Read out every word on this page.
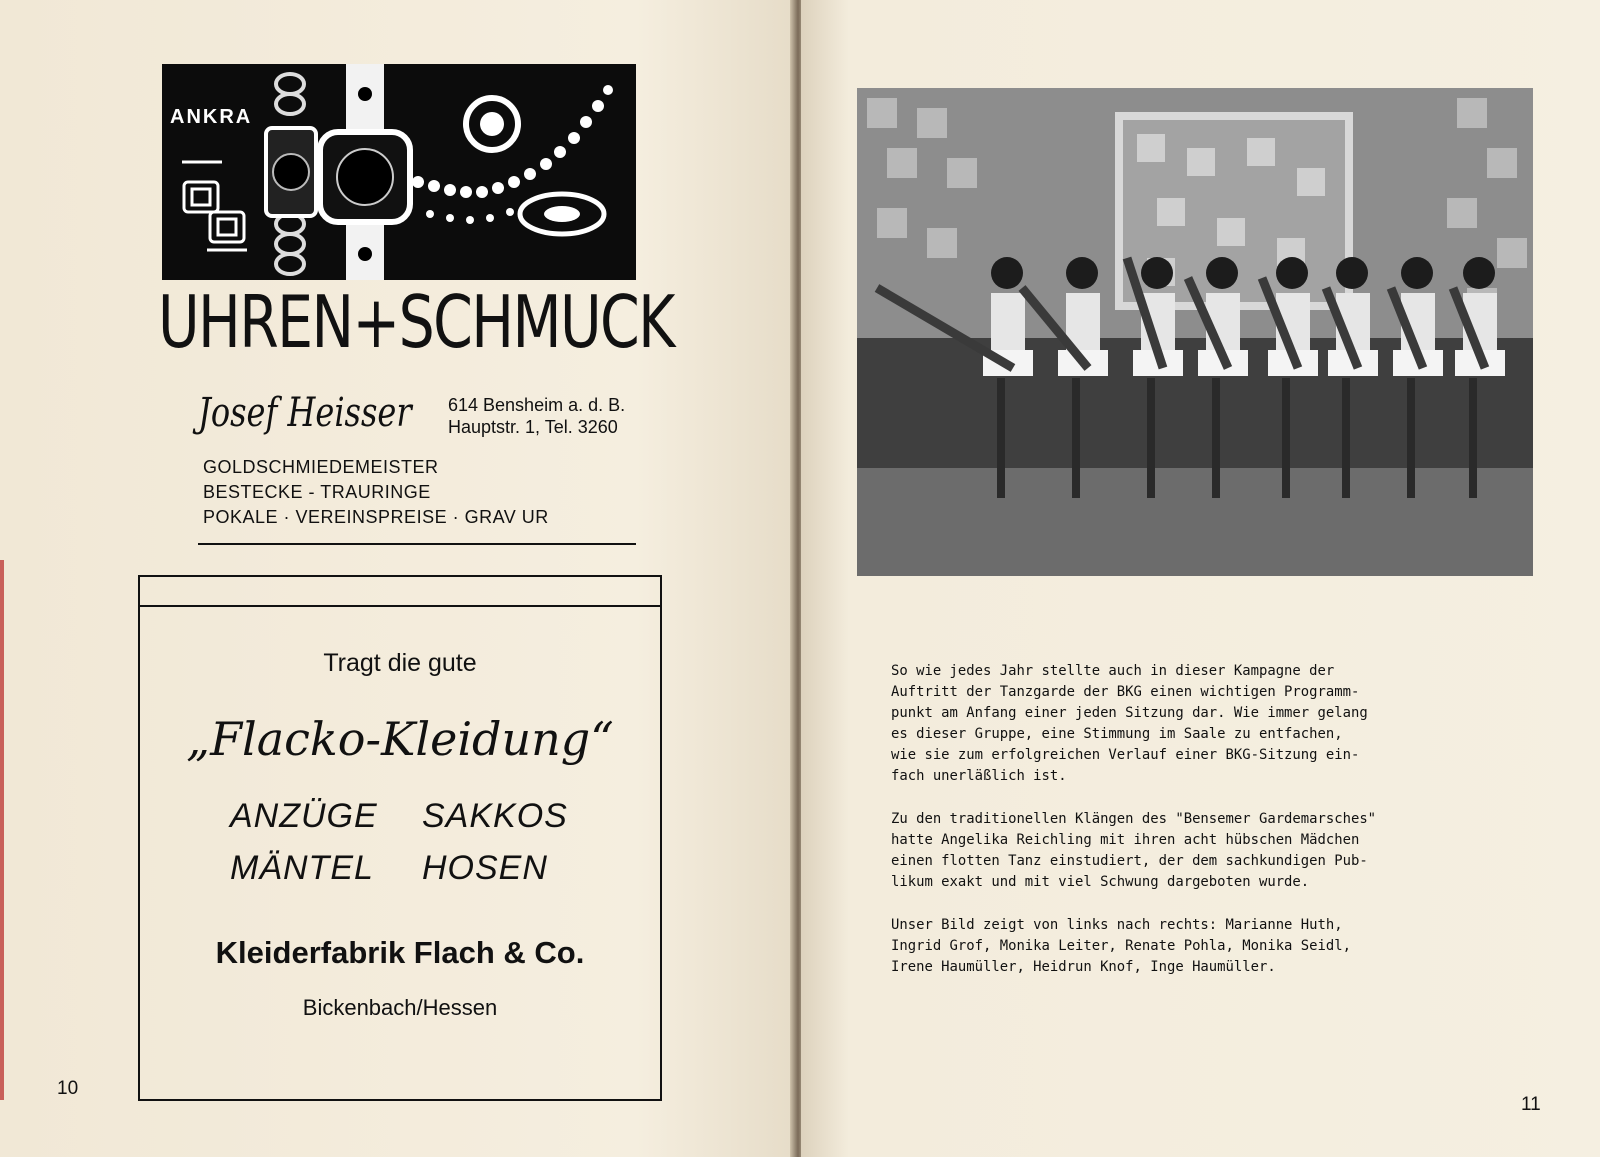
ANKRA
UHREN+SCHMUCK
Josef Heisser 614 Bensheim a. d. B.
Hauptstr. 1, Tel. 3260
GOLDSCHMIEDEMEISTER
BESTECKE - TRAURINGE
POKALE · VEREINSPREISE · GRAV UR
Tragt die gute
„Flacko-Kleidung“
ANZÜGE SAKKOS
MÄNTEL HOSEN
Kleiderfabrik Flach & Co.
Bickenbach/Hessen
10

So wie jedes Jahr stellte auch in dieser Kampagne der
Auftritt der Tanzgarde der BKG einen wichtigen Programm-
punkt am Anfang einer jeden Sitzung dar. Wie immer gelang
es dieser Gruppe, eine Stimmung im Saale zu entfachen,
wie sie zum erfolgreichen Verlauf einer BKG-Sitzung ein-
fach unerläßlich ist.

Zu den traditionellen Klängen des "Bensemer Gardemarsches"
hatte Angelika Reichling mit ihren acht hübschen Mädchen
einen flotten Tanz einstudiert, der dem sachkundigen Pub-
likum exakt und mit viel Schwung dargeboten wurde.

Unser Bild zeigt von links nach rechts: Marianne Huth,
Ingrid Grof, Monika Leiter, Renate Pohla, Monika Seidl,
Irene Haumüller, Heidrun Knof, Inge Haumüller.

11
